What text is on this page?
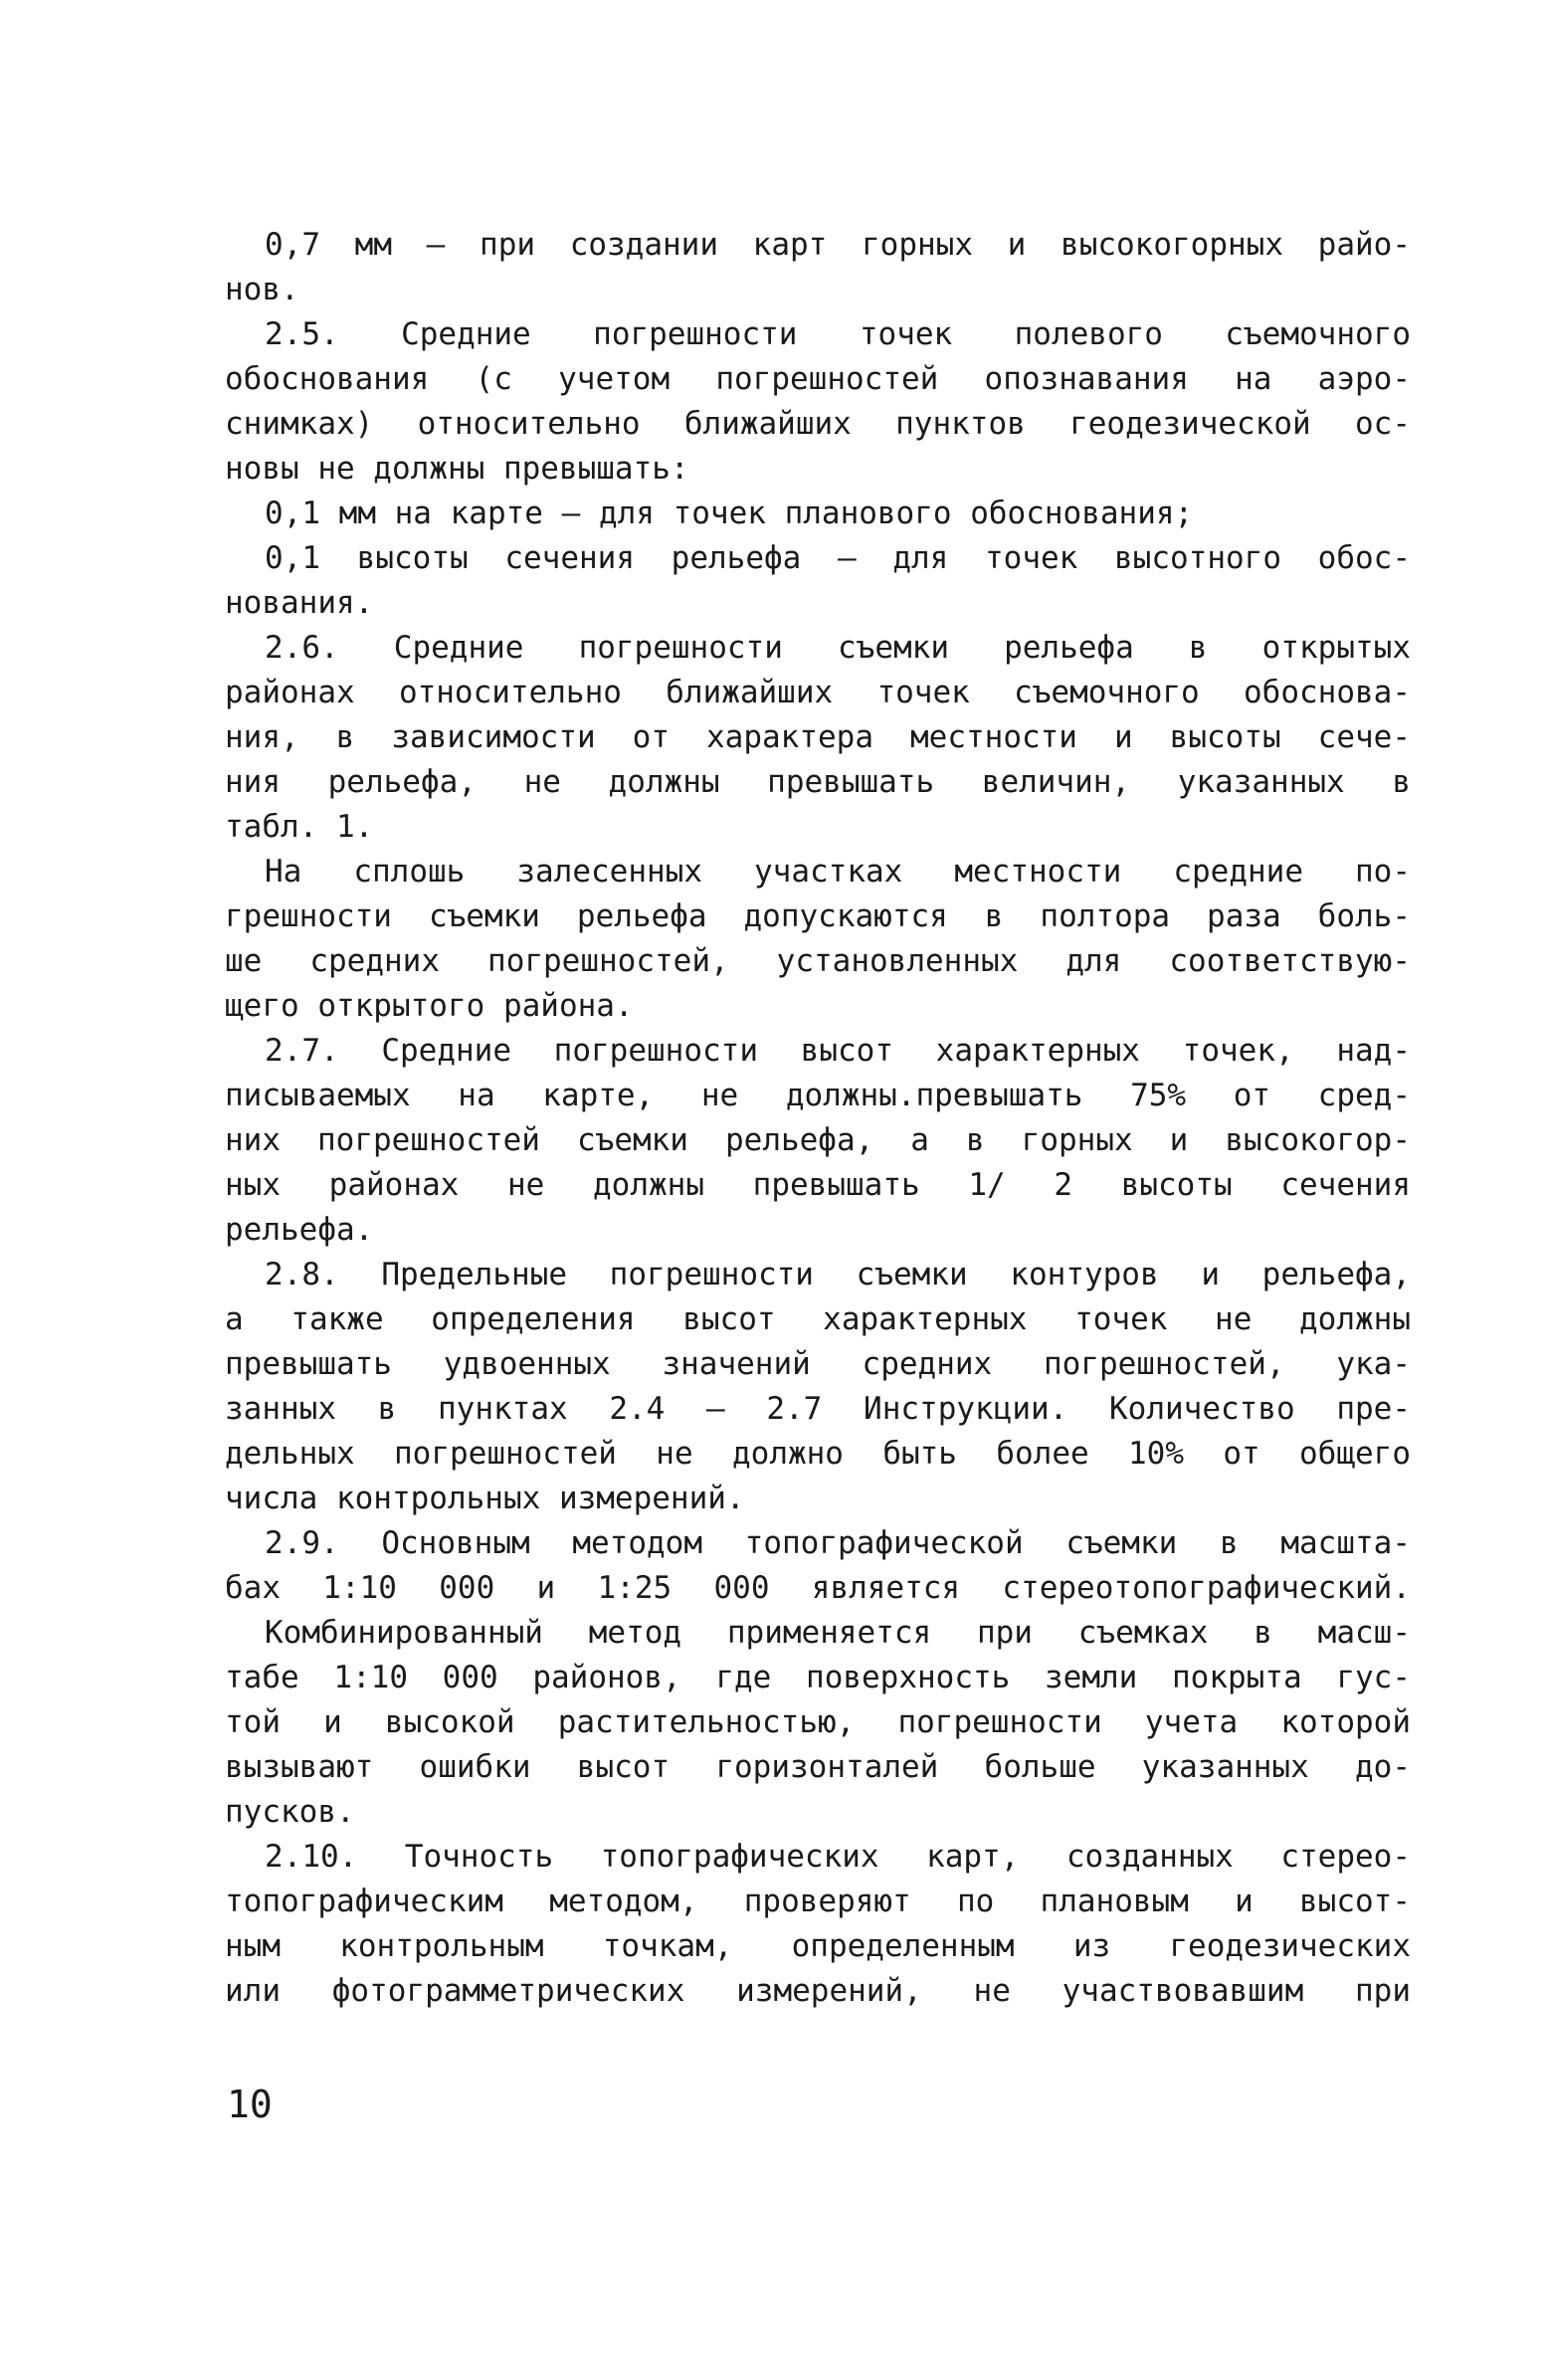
0,7 мм – при создании карт горных и высокогорных райо-
нов.
2.5. Средние погрешности точек полевого съемочного
обоснования (с учетом погрешностей опознавания на аэро-
снимках) относительно ближайших пунктов геодезической ос-
новы не должны превышать:
0,1 мм на карте – для точек планового обоснования;
0,1 высоты сечения рельефа – для точек высотного обос-
нования.
2.6. Средние погрешности съемки рельефа в открытых
районах относительно ближайших точек съемочного обоснова-
ния, в зависимости от характера местности и высоты сече-
ния рельефа, не должны превышать величин, указанных в
табл. 1.
На сплошь залесенных участках местности средние по-
грешности съемки рельефа допускаются в полтора раза боль-
ше средних погрешностей, установленных для соответствую-
щего открытого района.
2.7. Средние погрешности высот характерных точек, над-
писываемых на карте, не должны.превышать 75% от сред-
них погрешностей съемки рельефа, а в горных и высокогор-
ных районах не должны превышать 1/ 2 высоты сечения
рельефа.
2.8. Предельные погрешности съемки контуров и рельефа,
а также определения высот характерных точек не должны
превышать удвоенных значений средних погрешностей, ука-
занных в пунктах 2.4 – 2.7 Инструкции. Количество пре-
дельных погрешностей не должно быть более 10% от общего
числа контрольных измерений.
2.9. Основным методом топографической съемки в масшта-
бах 1:10 000 и 1:25 000 является стереотопографический.
Комбинированный метод применяется при съемках в масш-
табе 1:10 000 районов, где поверхность земли покрыта гус-
той и высокой растительностью, погрешности учета которой
вызывают ошибки высот горизонталей больше указанных до-
пусков.
2.10. Точность топографических карт, созданных стерео-
топографическим методом, проверяют по плановым и высот-
ным контрольным точкам, определенным из геодезических
или фотограмметрических измерений, не участвовавшим при
10
